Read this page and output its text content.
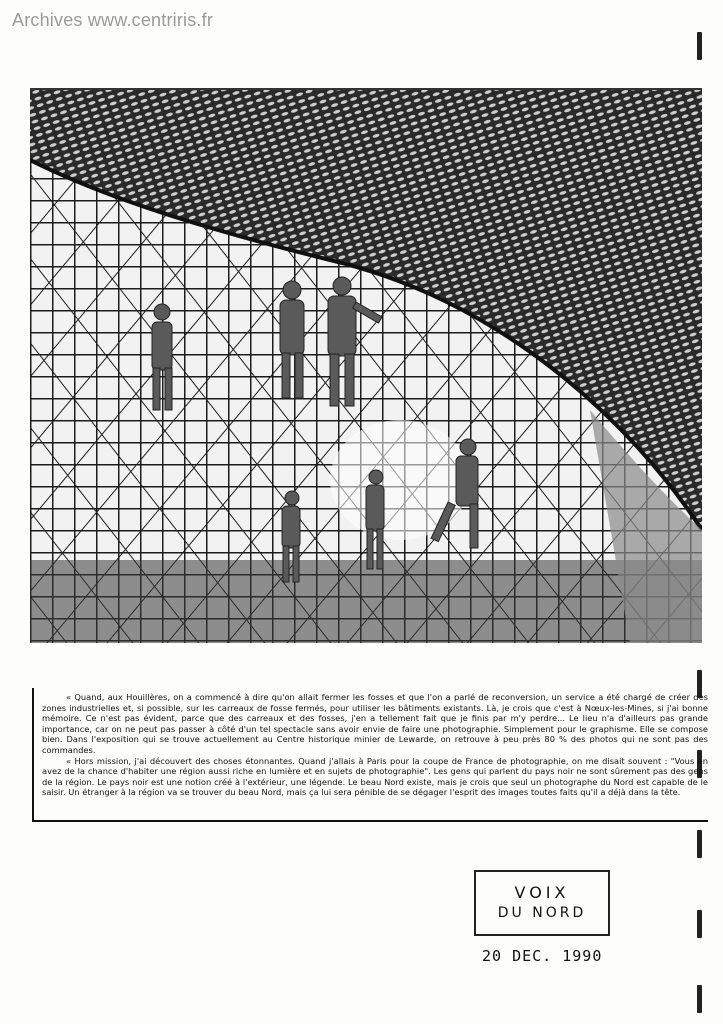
Archives www.centriris.fr

« Quand, aux Houillères, on a commencé à dire qu'on allait fermer les fosses et que l'on a parlé de reconversion, un service a été chargé de créer des zones industrielles et, si possible, sur les carreaux de fosse fermés, pour utiliser les bâtiments existants. Là, je crois que c'est à Nœux-les-Mines, si j'ai bonne mémoire. Ce n'est pas évident, parce que des carreaux et des fosses, j'en a tellement fait que je finis par m'y perdre... Le lieu n'a d'ailleurs pas grande importance, car on ne peut pas passer à côté d'un tel spectacle sans avoir envie de faire une photographie. Simplement pour le graphisme. Elle se compose bien. Dans l'exposition qui se trouve actuellement au Centre historique minier de Lewarde, on retrouve à peu près 80 % des photos qui ne sont pas des commandes.

« Hors mission, j'ai découvert des choses étonnantes. Quand j'allais à Paris pour la coupe de France de photographie, on me disait souvent : "Vous en avez de la chance d'habiter une région aussi riche en lumière et en sujets de photographie". Les gens qui parlent du pays noir ne sont sûrement pas des gens de la région. Le pays noir est une notion créé à l'extérieur, une légende. Le beau Nord existe, mais je crois que seul un photographe du Nord est capable de le saisir. Un étranger à la région va se trouver du beau Nord, mais ça lui sera pénible de se dégager l'esprit des images toutes faits qu'il a déjà dans la tête.

VOIX
DU NORD
20 DEC. 1990
